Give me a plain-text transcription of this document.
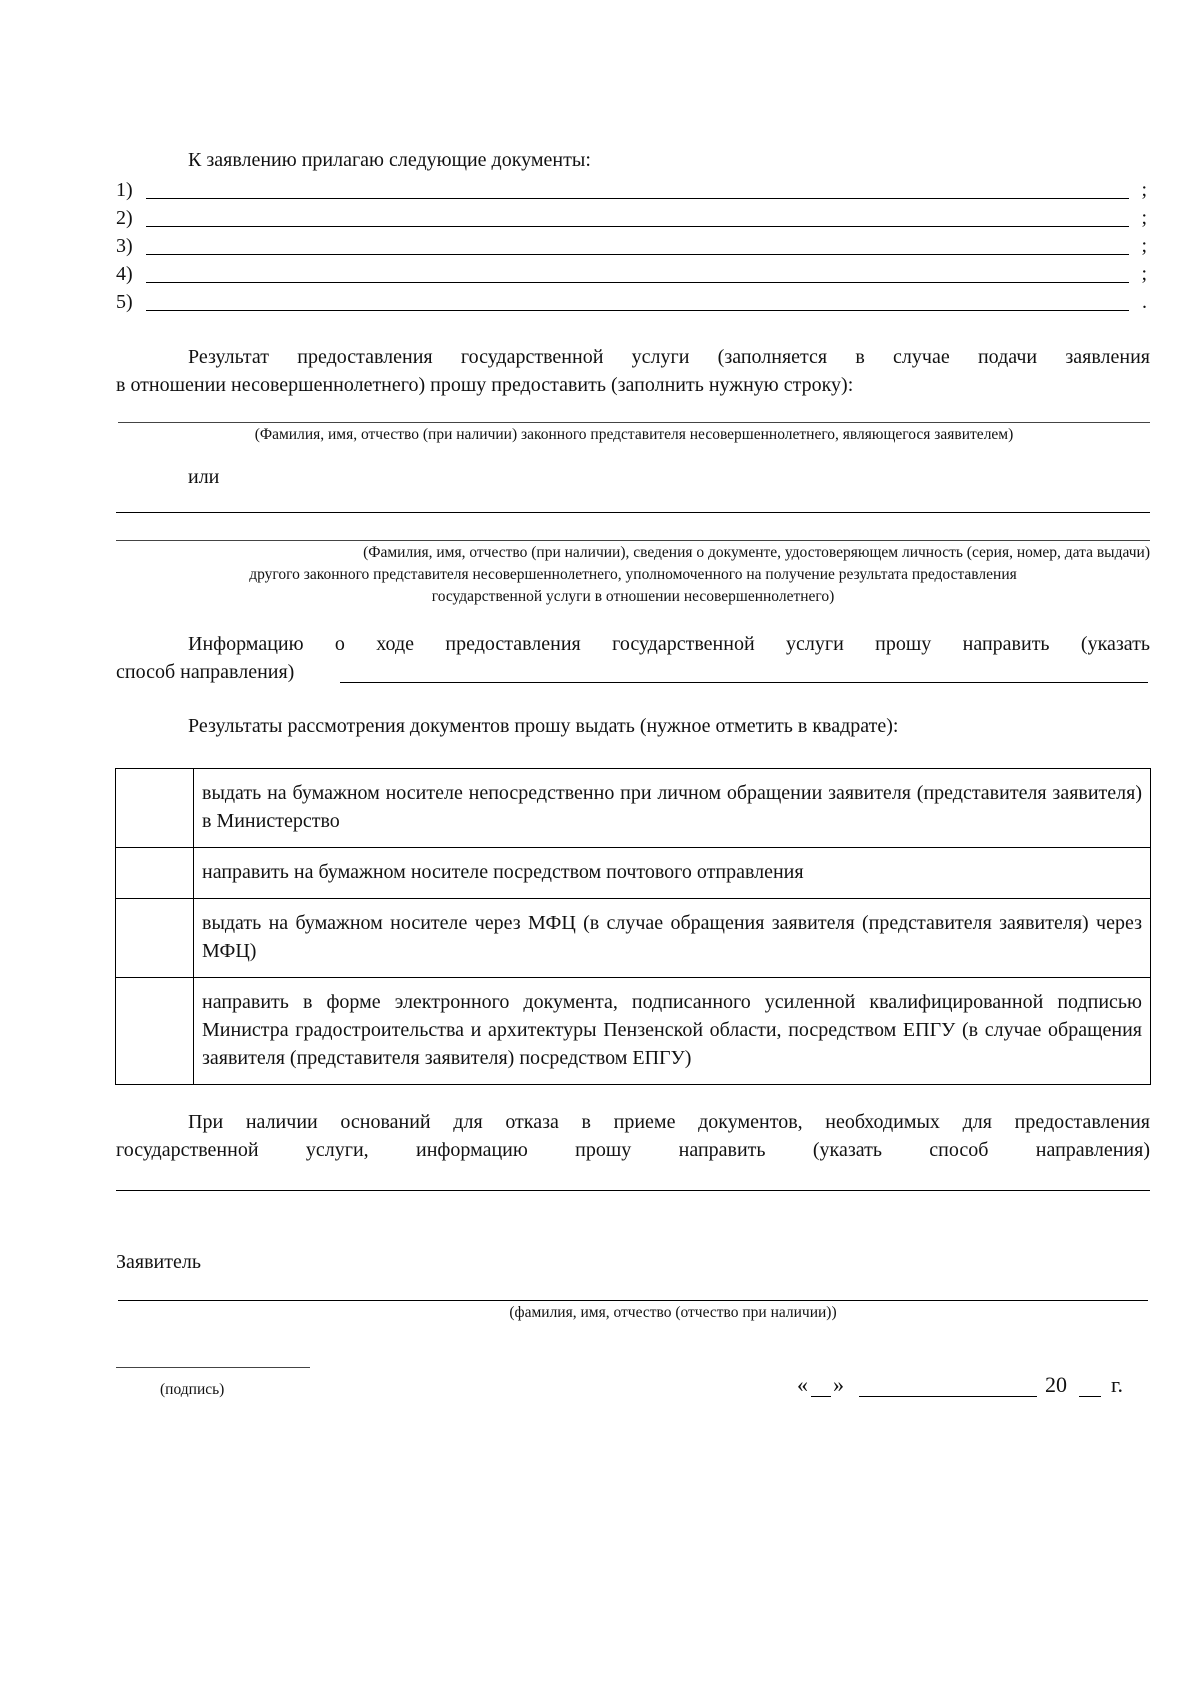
К заявлению прилагаю следующие документы:
1)	;
2)	;
3)	;
4)	;
5)	.
Результат предоставления государственной услуги (заполняется в случае подачи заявления
в отношении несовершеннолетнего) прошу предоставить (заполнить нужную строку):
(Фамилия, имя, отчество (при наличии) законного представителя несовершеннолетнего, являющегося заявителем)
или
(Фамилия, имя, отчество (при наличии), сведения о документе, удостоверяющем личность (серия, номер, дата выдачи)
другого законного представителя несовершеннолетнего, уполномоченного на получение результата предоставления
государственной услуги в отношении несовершеннолетнего)
Информацию о ходе предоставления государственной услуги прошу направить (указать
способ направления)
Результаты рассмотрения документов прошу выдать (нужное отметить в квадрате):
	выдать на бумажном носителе непосредственно при личном обращении заявителя (представителя заявителя) в Министерство
	направить на бумажном носителе посредством почтового отправления
	выдать на бумажном носителе через МФЦ (в случае обращения заявителя (представителя заявителя) через МФЦ)
	направить в форме электронного документа, подписанного усиленной квалифицированной подписью Министра градостроительства и архитектуры Пензенской области, посредством ЕПГУ (в случае обращения заявителя (представителя заявителя) посредством ЕПГУ)
При наличии оснований для отказа в приеме документов, необходимых для предоставления
государственной услуги, информацию прошу направить (указать способ направления)
Заявитель
(фамилия, имя, отчество (отчество при наличии))
(подпись)	« »	20 г.
